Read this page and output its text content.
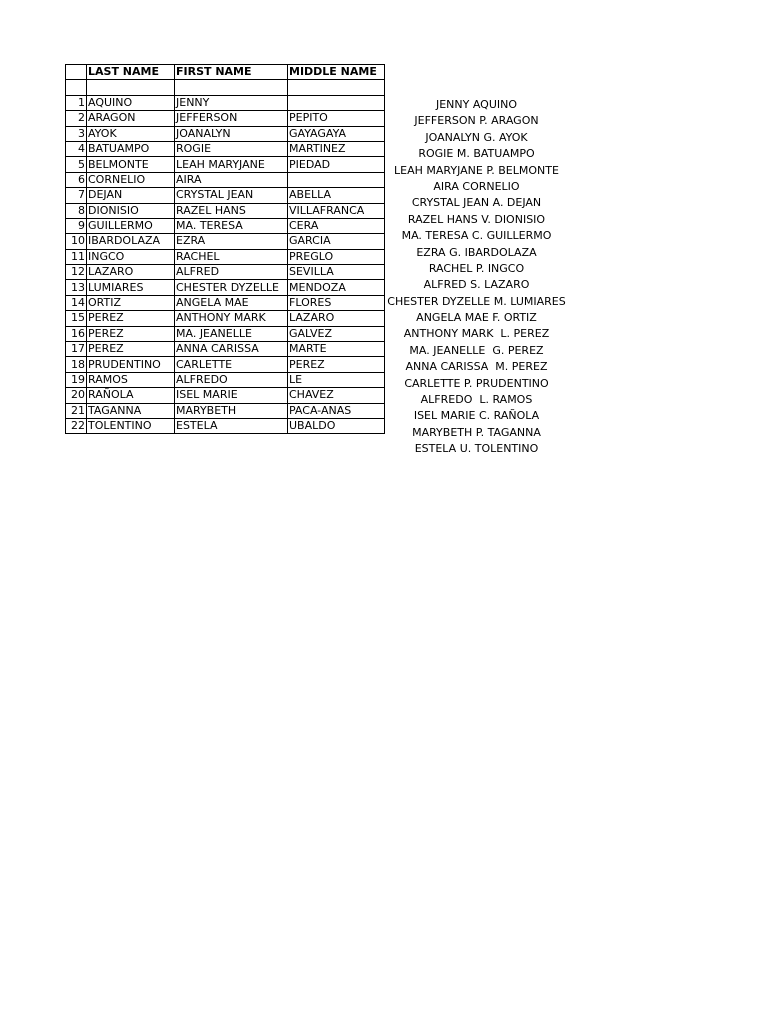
	LAST NAME	FIRST NAME	MIDDLE NAME

1	AQUINO	JENNY	
2	ARAGON	JEFFERSON	PEPITO
3	AYOK	JOANALYN	GAYAGAYA
4	BATUAMPO	ROGIE	MARTINEZ
5	BELMONTE	LEAH MARYJANE	PIEDAD
6	CORNELIO	AIRA	
7	DEJAN	CRYSTAL JEAN	ABELLA
8	DIONISIO	RAZEL HANS	VILLAFRANCA
9	GUILLERMO	MA. TERESA	CERA
10	IBARDOLAZA	EZRA	GARCIA
11	INGCO	RACHEL	PREGLO
12	LAZARO	ALFRED	SEVILLA
13	LUMIARES	CHESTER DYZELLE	MENDOZA
14	ORTIZ	ANGELA MAE	FLORES
15	PEREZ	ANTHONY MARK	LAZARO
16	PEREZ	MA. JEANELLE	GALVEZ
17	PEREZ	ANNA CARISSA	MARTE
18	PRUDENTINO	CARLETTE	PEREZ
19	RAMOS	ALFREDO	LE
20	RAÑOLA	ISEL MARIE	CHAVEZ
21	TAGANNA	MARYBETH	PACA-ANAS
22	TOLENTINO	ESTELA	UBALDO
JENNY AQUINO
JEFFERSON P. ARAGON
JOANALYN G. AYOK
ROGIE M. BATUAMPO
LEAH MARYJANE P. BELMONTE
AIRA CORNELIO
CRYSTAL JEAN A. DEJAN
RAZEL HANS V. DIONISIO
MA. TERESA C. GUILLERMO
EZRA G. IBARDOLAZA
RACHEL P. INGCO
ALFRED S. LAZARO
CHESTER DYZELLE M. LUMIARES
ANGELA MAE F. ORTIZ
ANTHONY MARK  L. PEREZ
MA. JEANELLE  G. PEREZ
ANNA CARISSA  M. PEREZ
CARLETTE P. PRUDENTINO
ALFREDO  L. RAMOS
ISEL MARIE C. RAÑOLA
MARYBETH P. TAGANNA
ESTELA U. TOLENTINO
